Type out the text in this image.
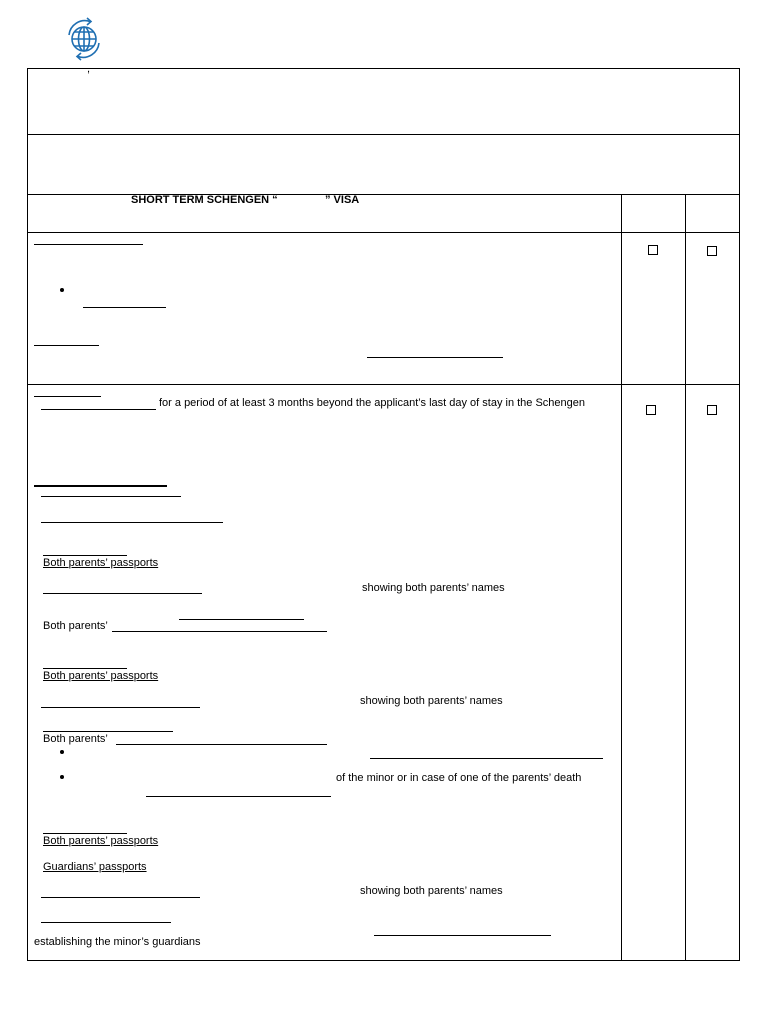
,
SHORT TERM SCHENGEN “	” VISA
for a period of at least 3 months beyond the applicant’s last day of stay in the Schengen
Both parents’ passports
showing both parents’ names
Both parents’
Both parents’ passports
showing both parents’ names
Both parents’
of the minor or in case of one of the parents’ death
Both parents’ passports
Guardians’ passports
showing both parents’ names
establishing the minor’s guardians
